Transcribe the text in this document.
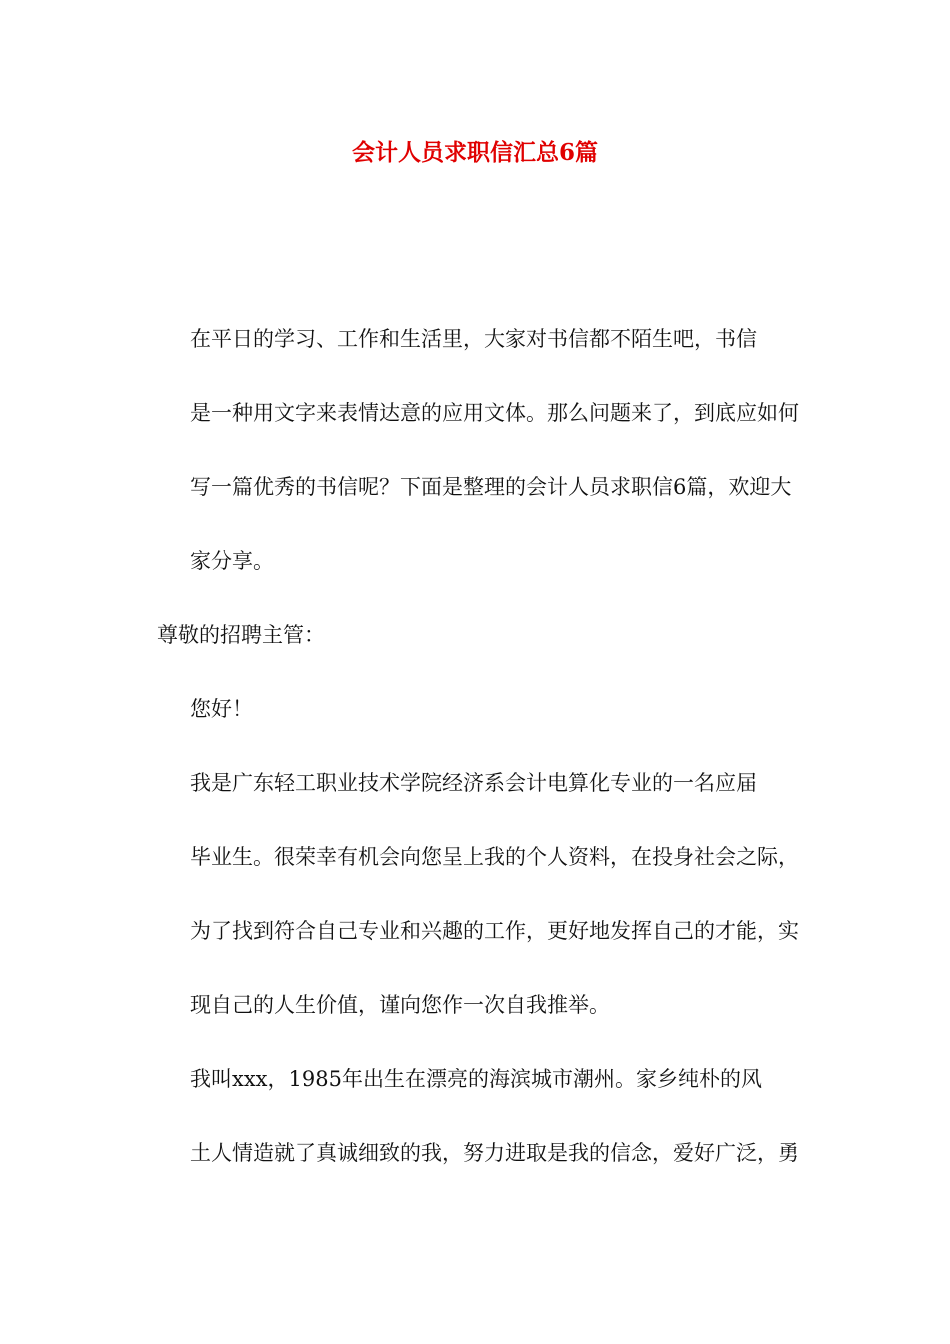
会计人员求职信汇总6篇

在平日的学习、工作和生活里，大家对书信都不陌生吧，书信
是一种用文字来表情达意的应用文体。那么问题来了，到底应如何
写一篇优秀的书信呢？下面是整理的会计人员求职信6篇，欢迎大
家分享。

尊敬的招聘主管：

您好！

我是广东轻工职业技术学院经济系会计电算化专业的一名应届
毕业生。很荣幸有机会向您呈上我的个人资料，在投身社会之际，
为了找到符合自己专业和兴趣的工作，更好地发挥自己的才能，实
现自己的人生价值，谨向您作一次自我推举。

我叫xxx，1985年出生在漂亮的海滨城市潮州。家乡纯朴的风
土人情造就了真诚细致的我，努力进取是我的信念，爱好广泛，勇
